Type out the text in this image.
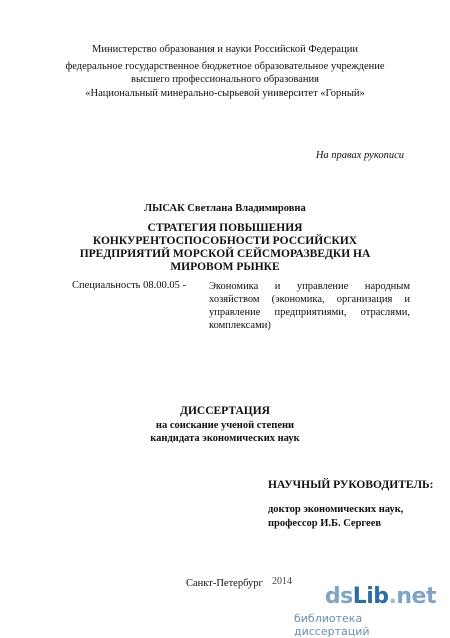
Министерство образования и науки Российской Федерации
федеральное государственное бюджетное образовательное учреждение
высшего профессионального образования
«Национальный минерально-сырьевой университет «Горный»
На правах рукописи
ЛЫСАК Светлана Владимировна
СТРАТЕГИЯ ПОВЫШЕНИЯ КОНКУРЕНТОСПОСОБНОСТИ РОССИЙСКИХ ПРЕДПРИЯТИЙ МОРСКОЙ СЕЙСМОРАЗВЕДКИ НА МИРОВОМ РЫНКЕ
Специальность 08.00.05 - Экономика и управление народным хозяйством (экономика, организация и управление предприятиями, отраслями, комплексами)
ДИССЕРТАЦИЯ
на соискание ученой степени
кандидата экономических наук
НАУЧНЫЙ РУКОВОДИТЕЛЬ:
доктор экономических наук,
профессор И.Б. Сергеев
Санкт-Петербург 2014
dsLib.net
библиотека диссертаций
